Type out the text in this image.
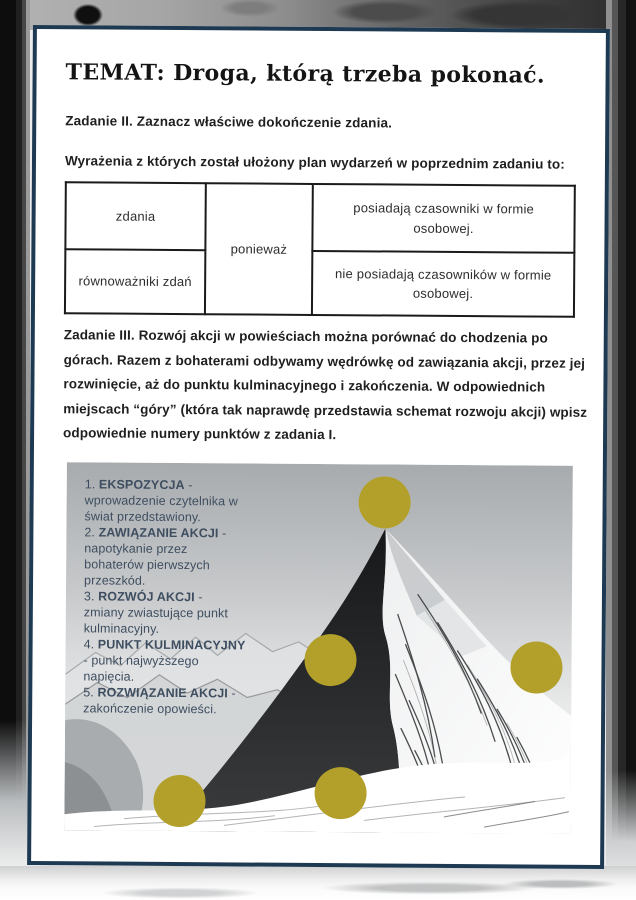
TEMAT: Droga, którą trzeba pokonać.
Zadanie II. Zaznacz właściwe dokończenie zdania.
Wyrażenia z których został ułożony plan wydarzeń w poprzednim zadaniu to:
zdania	ponieważ	posiadają czasowniki w formie osobowej.
równoważniki zdań		nie posiadają czasowników w formie osobowej.
Zadanie III. Rozwój akcji w powieściach można porównać do chodzenia po górach. Razem z bohaterami odbywamy wędrówkę od zawiązania akcji, przez jej rozwinięcie, aż do punktu kulminacyjnego i zakończenia. W odpowiednich miejscach “góry” (która tak naprawdę przedstawia schemat rozwoju akcji) wpisz odpowiednie numery punktów z zadania I.

1. EKSPOZYCJA - wprowadzenie czytelnika w świat przedstawiony.

2. ZAWIĄZANIE AKCJI - napotykanie przez bohaterów pierwszych przeszkód.

3. ROZWÓJ AKCJI - zmiany zwiastujące punkt kulminacyjny.

4. PUNKT KULMINACYJNY - punkt najwyższego napięcia.

5. ROZWIĄZANIE AKCJI - zakończenie opowieści.
